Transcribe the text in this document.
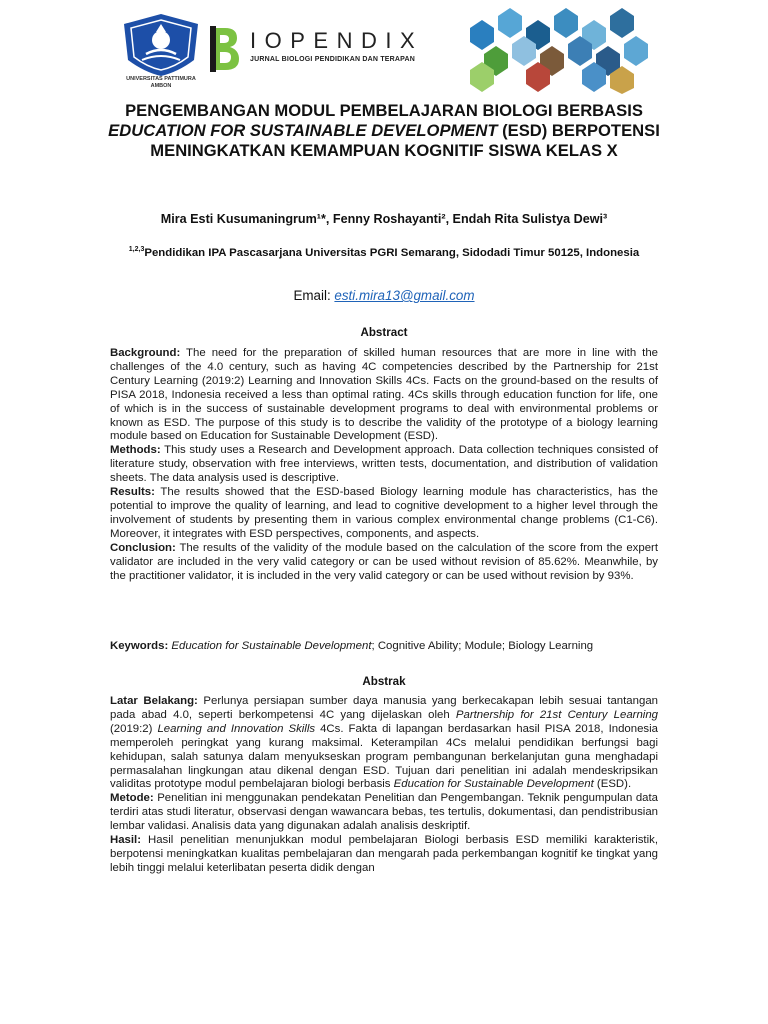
UNIVERSITAS PATTIMURA AMBON
IOPENDIX
JURNAL BIOLOGI PENDIDIKAN DAN TERAPAN
PENGEMBANGAN MODUL PEMBELAJARAN BIOLOGI BERBASIS EDUCATION FOR SUSTAINABLE DEVELOPMENT (ESD) BERPOTENSI MENINGKATKAN KEMAMPUAN KOGNITIF SISWA KELAS X
Mira Esti Kusumaningrum¹*, Fenny Roshayanti², Endah Rita Sulistya Dewi³
$^{1,2,3}$Pendidikan IPA Pascasarjana Universitas PGRI Semarang, Sidodadi Timur 50125, Indonesia
Email: esti.mira13@gmail.com
Abstract

Background: The need for the preparation of skilled human resources that are more in line with the challenges of the 4.0 century, such as having 4C competencies described by the Partnership for 21st Century Learning (2019:2) Learning and Innovation Skills 4Cs. Facts on the ground-based on the results of PISA 2018, Indonesia received a less than optimal rating. 4Cs skills through education function for life, one of which is in the success of sustainable development programs to deal with environmental problems or known as ESD. The purpose of this study is to describe the validity of the prototype of a biology learning module based on Education for Sustainable Development (ESD).

Methods: This study uses a Research and Development approach. Data collection techniques consisted of literature study, observation with free interviews, written tests, documentation, and distribution of validation sheets. The data analysis used is descriptive.

Results: The results showed that the ESD-based Biology learning module has characteristics, has the potential to improve the quality of learning, and lead to cognitive development to a higher level through the involvement of students by presenting them in various complex environmental change problems (C1-C6). Moreover, it integrates with ESD perspectives, components, and aspects.

Conclusion: The results of the validity of the module based on the calculation of the score from the expert validator are included in the very valid category or can be used without revision of 85.62%. Meanwhile, by the practitioner validator, it is included in the very valid category or can be used without revision by 93%.

Keywords: Education for Sustainable Development; Cognitive Ability; Module; Biology Learning
Abstrak

Latar Belakang: Perlunya persiapan sumber daya manusia yang berkecakapan lebih sesuai tantangan pada abad 4.0, seperti berkompetensi 4C yang dijelaskan oleh Partnership for 21st Century Learning (2019:2) Learning and Innovation Skills 4Cs. Fakta di lapangan berdasarkan hasil PISA 2018, Indonesia memperoleh peringkat yang kurang maksimal. Keterampilan 4Cs melalui pendidikan berfungsi bagi kehidupan, salah satunya dalam menyukseskan program pembangunan berkelanjutan guna menghadapi permasalahan lingkungan atau dikenal dengan ESD. Tujuan dari penelitian ini adalah mendeskripsikan validitas prototype modul pembelajaran biologi berbasis Education for Sustainable Development (ESD).

Metode: Penelitian ini menggunakan pendekatan Penelitian dan Pengembangan. Teknik pengumpulan data terdiri atas studi literatur, observasi dengan wawancara bebas, tes tertulis, dokumentasi, dan pendistribusian lembar validasi. Analisis data yang digunakan adalah analisis deskriptif.

Hasil: Hasil penelitian menunjukkan modul pembelajaran Biologi berbasis ESD memiliki karakteristik, berpotensi meningkatkan kualitas pembelajaran dan mengarah pada perkembangan kognitif ke tingkat yang lebih tinggi melalui keterlibatan peserta didik dengan
